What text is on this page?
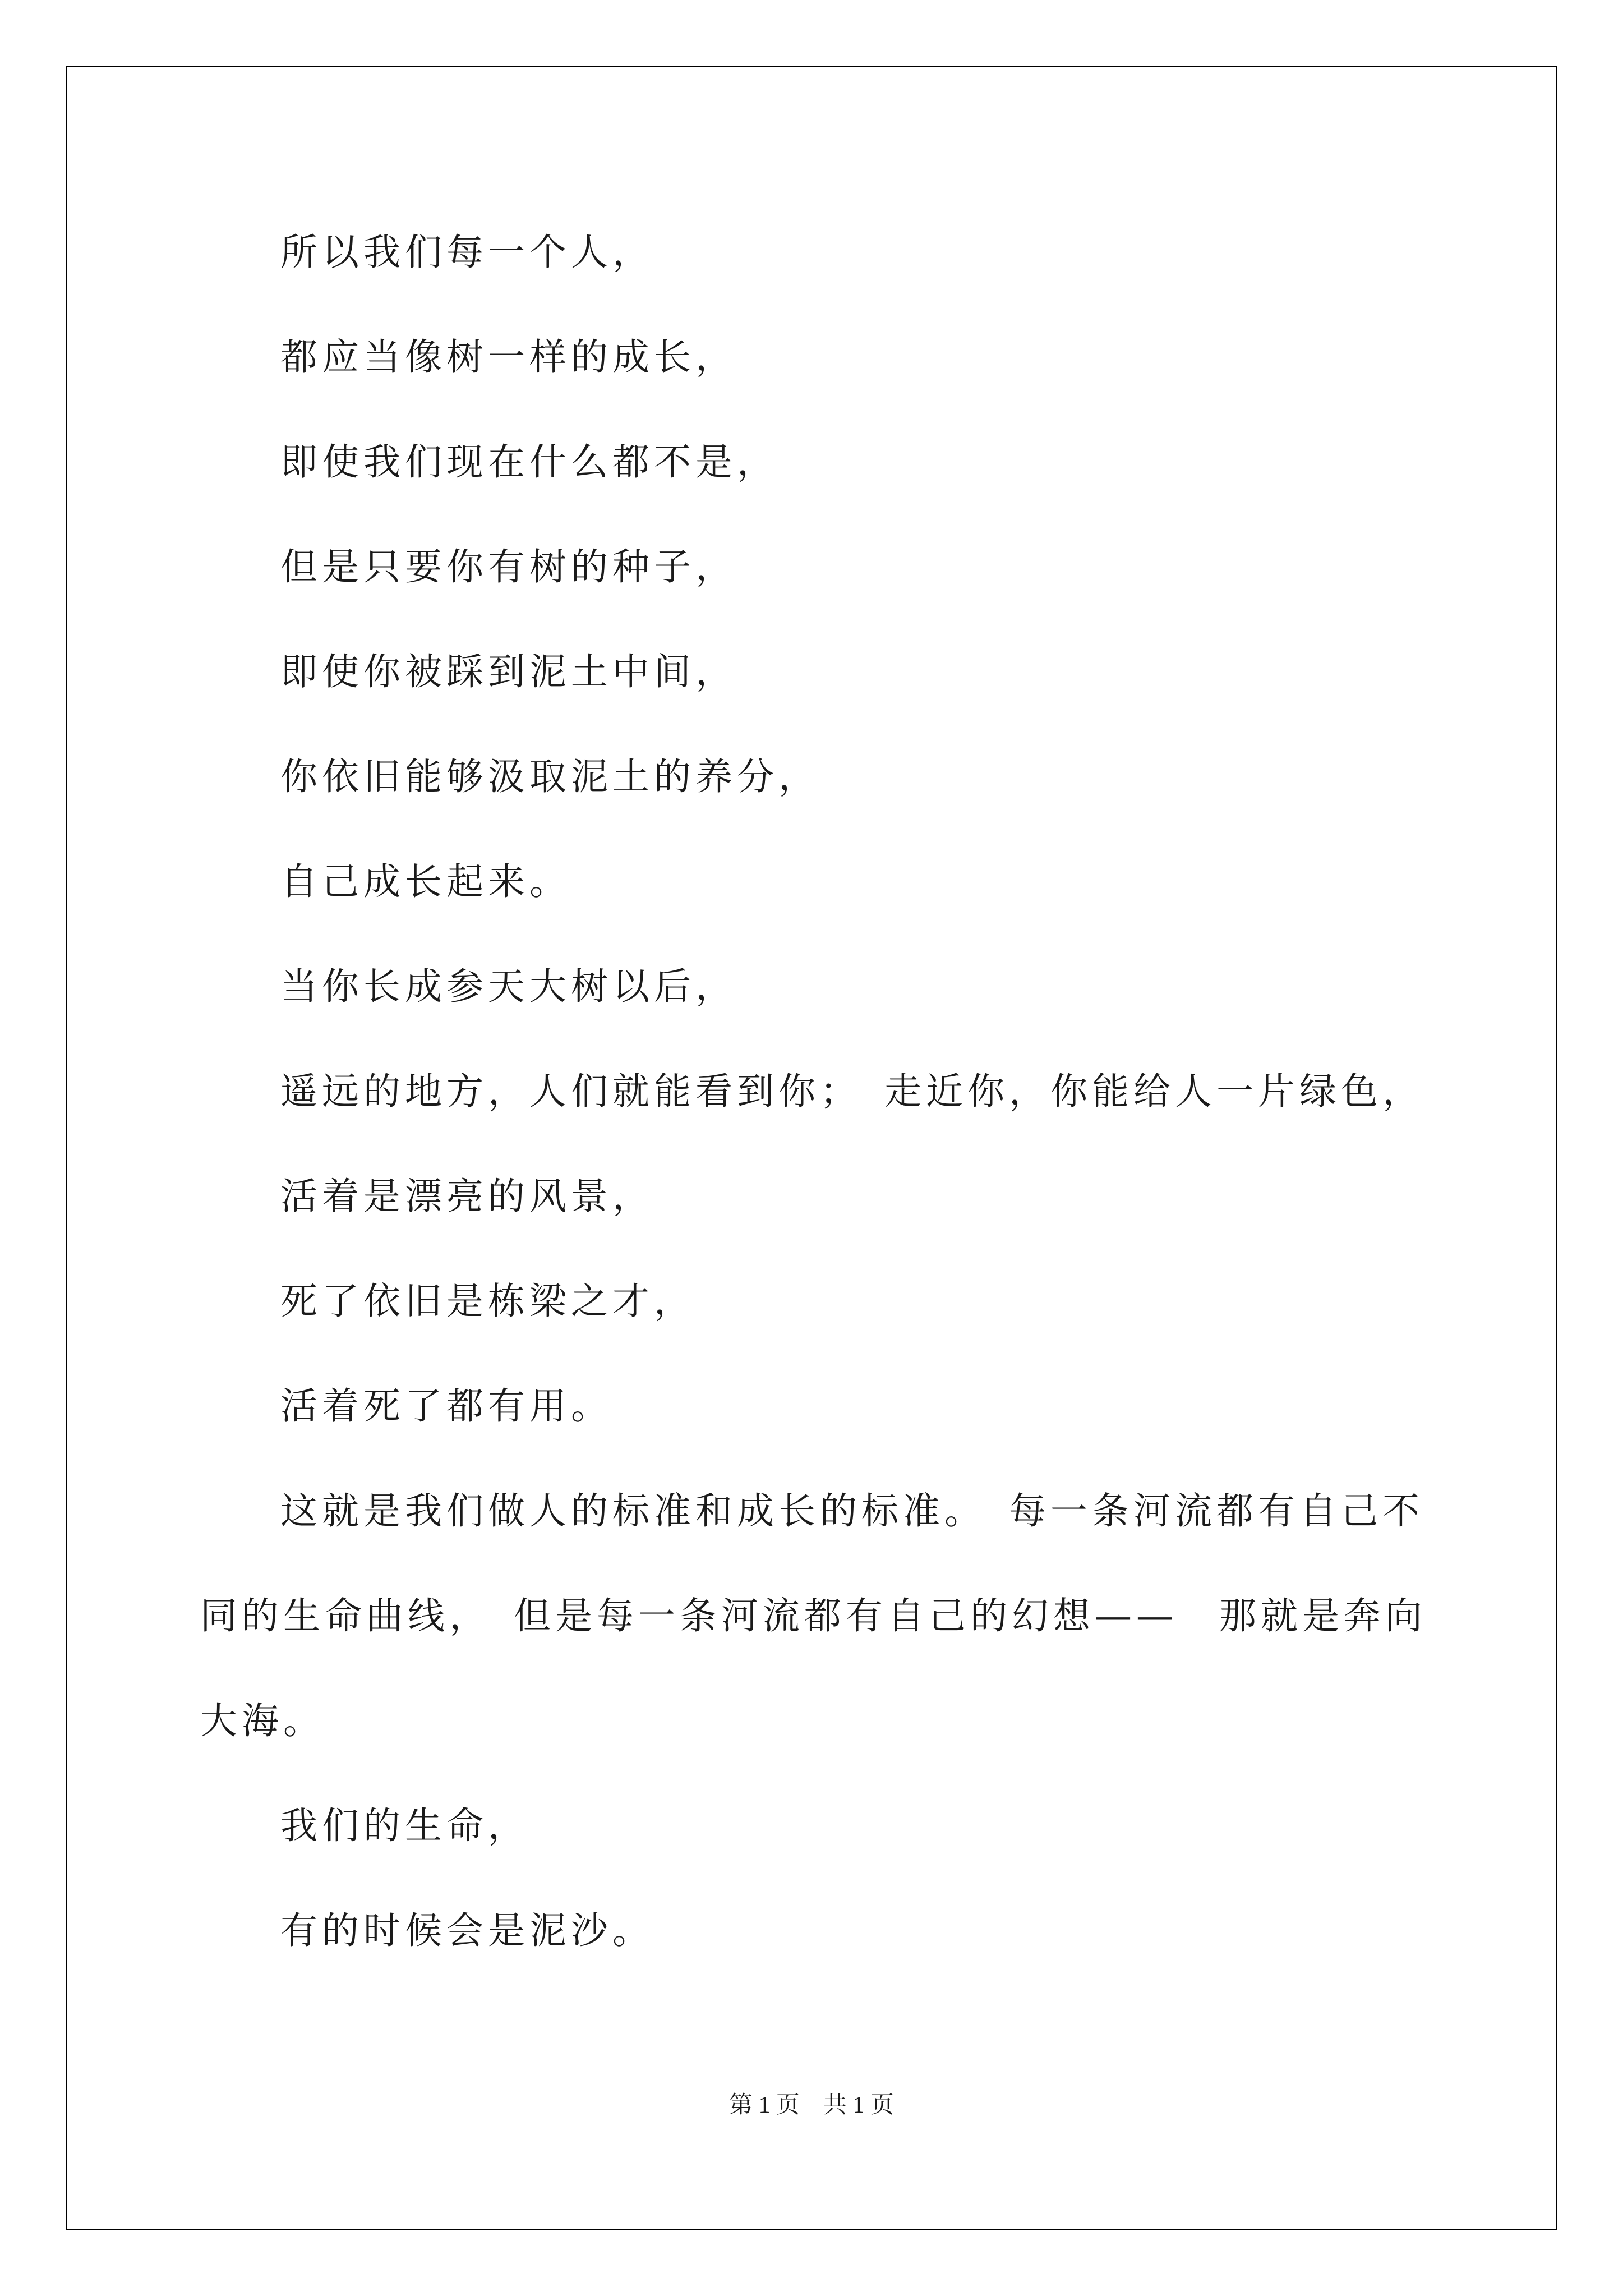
所以我们每一个人，
都应当像树一样的成长，
即使我们现在什么都不是，
但是只要你有树的种子，
即使你被踩到泥土中间，
你依旧能够汲取泥土的养分，
自己成长起来。
当你长成参天大树以后，
遥远的地方，人们就能看到你；　走近你，你能给人一片绿色，
活着是漂亮的风景，
死了依旧是栋梁之才，
活着死了都有用。
这就是我们做人的标准和成长的标准。　每一条河流都有自己不
同的生命曲线，　但是每一条河流都有自己的幻想——　那就是奔向
大海。
我们的生命，
有的时候会是泥沙。
第 1 页　共 1 页
